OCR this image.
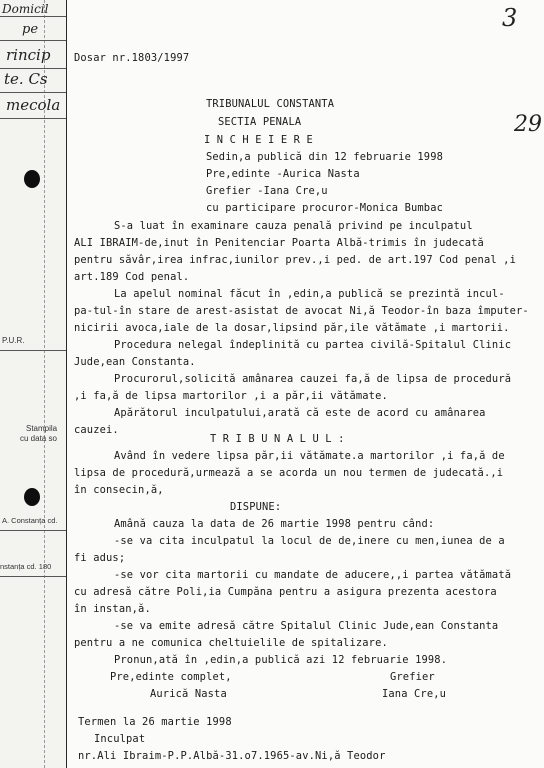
Domicil
pe
rincip
te. Cs
mecola
P.U.R.
Stampila
cu data so
A. Constanța cd.
nstanța cd. 180
3
29
Dosar nr.1803/1997
TRIBUNALUL CONSTANTA
SECTIA PENALA
I N C H E I E R E
Sedin,a publică din 12 februarie 1998
Pre,edinte -Aurica Nasta
Grefier -Iana Cre,u
cu participare procuror-Monica Bumbac
S-a luat în examinare cauza penală privind pe inculpatul
ALI IBRAIM-de,inut în Penitenciar Poarta Albă-trimis în judecată
pentru săvâr,irea infrac,iunilor prev.,i ped. de art.197 Cod penal ,i
art.189 Cod penal.
La apelul nominal făcut în ,edin,a publică se prezintă incul-
pa-tul-în stare de arest-asistat de avocat Ni,ă Teodor-în baza împuter-
nicirii avoca,iale de la dosar,lipsind păr,ile vătămate ,i martorii.
Procedura nelegal îndeplinită cu partea civilă-Spitalul Clinic
Jude,ean Constanta.
Procurorul,solicită amânarea cauzei fa,ă de lipsa de procedură
,i fa,ă de lipsa martorilor ,i a păr,ii vătămate.
Apărătorul inculpatului,arată că este de acord cu amânarea
cauzei.
T R I B U N A L U L :
Având în vedere lipsa păr,ii vătămate.a martorilor ,i fa,ă de
lipsa de procedură,urmează a se acorda un nou termen de judecată.,i
în consecin,ă,
DISPUNE:
Amână cauza la data de 26 martie 1998 pentru când:
-se va cita inculpatul la locul de de,inere cu men,iunea de a
fi adus;
-se vor cita martorii cu mandate de aducere,,i partea vătămată
cu adresă către Poli,ia Cumpăna pentru a asigura prezenta acestora
în instan,ă.
-se va emite adresă către Spitalul Clinic Jude,ean Constanta
pentru a ne comunica cheltuielile de spitalizare.
Pronun,ată în ,edin,a publică azi 12 februarie 1998.
Pre,edinte complet,	Grefier
Aurică Nasta	Iana Cre,u
Termen la 26 martie 1998
Inculpat
nr.Ali Ibraim-P.P.Albă-31.o7.1965-av.Ni,ă Teodor
